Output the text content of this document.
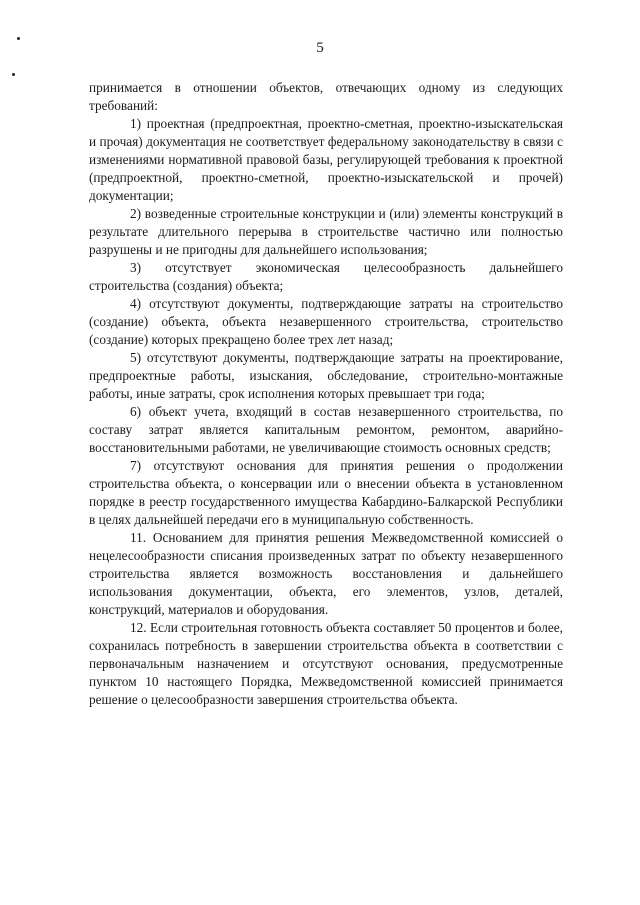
5

принимается в отношении объектов, отвечающих одному из следующих требований:

1) проектная (предпроектная, проектно-сметная, проектно-изыскательская и прочая) документация не соответствует федеральному законодательству в связи с изменениями нормативной правовой базы, регулирующей требования к проектной (предпроектной, проектно-сметной, проектно-изыскательской и прочей) документации;

2) возведенные строительные конструкции и (или) элементы конструкций в результате длительного перерыва в строительстве частично или полностью разрушены и не пригодны для дальнейшего использования;

3) отсутствует экономическая целесообразность дальнейшего строительства (создания) объекта;

4) отсутствуют документы, подтверждающие затраты на строительство (создание) объекта, объекта незавершенного строительства, строительство (создание) которых прекращено более трех лет назад;

5) отсутствуют документы, подтверждающие затраты на проектирование, предпроектные работы, изыскания, обследование, строительно-монтажные работы, иные затраты, срок исполнения которых превышает три года;

6) объект учета, входящий в состав незавершенного строительства, по составу затрат является капитальным ремонтом, ремонтом, аварийно-восстановительными работами, не увеличивающие стоимость основных средств;

7) отсутствуют основания для принятия решения о продолжении строительства объекта, о консервации или о внесении объекта в установленном порядке в реестр государственного имущества Кабардино-Балкарской Республики в целях дальнейшей передачи его в муниципальную собственность.

11. Основанием для принятия решения Межведомственной комиссией о нецелесообразности списания произведенных затрат по объекту незавершенного строительства является возможность восстановления и дальнейшего использования документации, объекта, его элементов, узлов, деталей, конструкций, материалов и оборудования.

12. Если строительная готовность объекта составляет 50 процентов и более, сохранилась потребность в завершении строительства объекта в соответствии с первоначальным назначением и отсутствуют основания, предусмотренные пунктом 10 настоящего Порядка, Межведомственной комиссией принимается решение о целесообразности завершения строительства объекта.
